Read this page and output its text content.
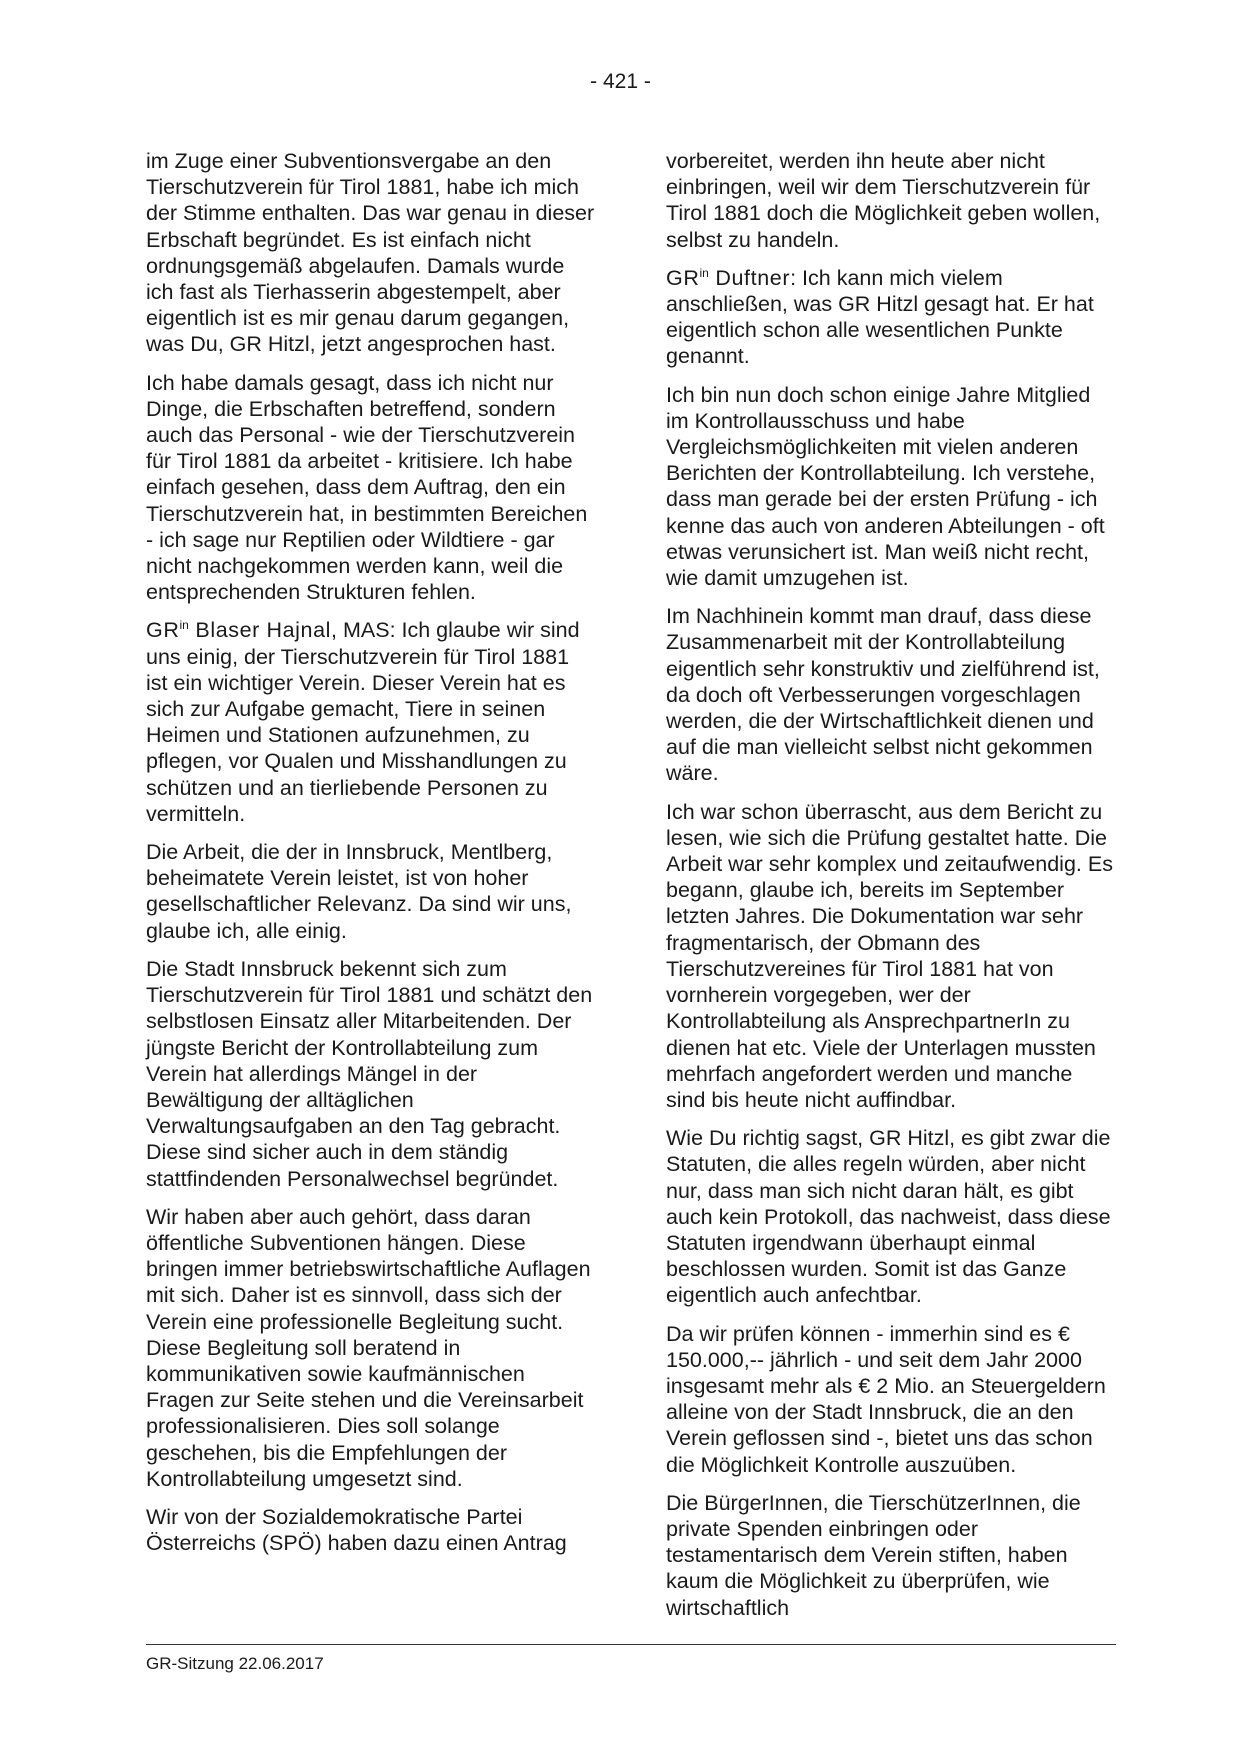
- 421 -

im Zuge einer Subventionsvergabe an den Tierschutzverein für Tirol 1881, habe ich mich der Stimme enthalten. Das war genau in dieser Erbschaft begründet. Es ist einfach nicht ordnungsgemäß abgelaufen. Damals wurde ich fast als Tierhasserin abgestempelt, aber eigentlich ist es mir genau darum gegangen, was Du, GR Hitzl, jetzt angesprochen hast.

Ich habe damals gesagt, dass ich nicht nur Dinge, die Erbschaften betreffend, sondern auch das Personal - wie der Tierschutzverein für Tirol 1881 da arbeitet - kritisiere. Ich habe einfach gesehen, dass dem Auftrag, den ein Tierschutzverein hat, in bestimmten Bereichen - ich sage nur Reptilien oder Wildtiere - gar nicht nachgekommen werden kann, weil die entsprechenden Strukturen fehlen.

$GR^{in}$ Blaser Hajnal, MAS: Ich glaube wir sind uns einig, der Tierschutzverein für Tirol 1881 ist ein wichtiger Verein. Dieser Verein hat es sich zur Aufgabe gemacht, Tiere in seinen Heimen und Stationen aufzunehmen, zu pflegen, vor Qualen und Misshandlungen zu schützen und an tierliebende Personen zu vermitteln.

Die Arbeit, die der in Innsbruck, Mentlberg, beheimatete Verein leistet, ist von hoher gesellschaftlicher Relevanz. Da sind wir uns, glaube ich, alle einig.

Die Stadt Innsbruck bekennt sich zum Tierschutzverein für Tirol 1881 und schätzt den selbstlosen Einsatz aller Mitarbeitenden. Der jüngste Bericht der Kontrollabteilung zum Verein hat allerdings Mängel in der Bewältigung der alltäglichen Verwaltungsaufgaben an den Tag gebracht. Diese sind sicher auch in dem ständig stattfindenden Personalwechsel begründet.

Wir haben aber auch gehört, dass daran öffentliche Subventionen hängen. Diese bringen immer betriebswirtschaftliche Auflagen mit sich. Daher ist es sinnvoll, dass sich der Verein eine professionelle Begleitung sucht. Diese Begleitung soll beratend in kommunikativen sowie kaufmännischen Fragen zur Seite stehen und die Vereinsarbeit professionalisieren. Dies soll solange geschehen, bis die Empfehlungen der Kontrollabteilung umgesetzt sind.

Wir von der Sozialdemokratische Partei Österreichs (SPÖ) haben dazu einen Antrag

vorbereitet, werden ihn heute aber nicht einbringen, weil wir dem Tierschutzverein für Tirol 1881 doch die Möglichkeit geben wollen, selbst zu handeln.

$GR^{in}$ Duftner: Ich kann mich vielem anschließen, was GR Hitzl gesagt hat. Er hat eigentlich schon alle wesentlichen Punkte genannt.

Ich bin nun doch schon einige Jahre Mitglied im Kontrollausschuss und habe Vergleichsmöglichkeiten mit vielen anderen Berichten der Kontrollabteilung. Ich verstehe, dass man gerade bei der ersten Prüfung - ich kenne das auch von anderen Abteilungen - oft etwas verunsichert ist. Man weiß nicht recht, wie damit umzugehen ist.

Im Nachhinein kommt man drauf, dass diese Zusammenarbeit mit der Kontrollabteilung eigentlich sehr konstruktiv und zielführend ist, da doch oft Verbesserungen vorgeschlagen werden, die der Wirtschaftlichkeit dienen und auf die man vielleicht selbst nicht gekommen wäre.

Ich war schon überrascht, aus dem Bericht zu lesen, wie sich die Prüfung gestaltet hatte. Die Arbeit war sehr komplex und zeitaufwendig. Es begann, glaube ich, bereits im September letzten Jahres. Die Dokumentation war sehr fragmentarisch, der Obmann des Tierschutzvereines für Tirol 1881 hat von vornherein vorgegeben, wer der Kontrollabteilung als AnsprechpartnerIn zu dienen hat etc. Viele der Unterlagen mussten mehrfach angefordert werden und manche sind bis heute nicht auffindbar.

Wie Du richtig sagst, GR Hitzl, es gibt zwar die Statuten, die alles regeln würden, aber nicht nur, dass man sich nicht daran hält, es gibt auch kein Protokoll, das nachweist, dass diese Statuten irgendwann überhaupt einmal beschlossen wurden. Somit ist das Ganze eigentlich auch anfechtbar.

Da wir prüfen können - immerhin sind es € 150.000,-- jährlich - und seit dem Jahr 2000 insgesamt mehr als € 2 Mio. an Steuergeldern alleine von der Stadt Innsbruck, die an den Verein geflossen sind -, bietet uns das schon die Möglichkeit Kontrolle auszuüben.

Die BürgerInnen, die TierschützerInnen, die private Spenden einbringen oder testamentarisch dem Verein stiften, haben kaum die Möglichkeit zu überprüfen, wie wirtschaftlich

GR-Sitzung 22.06.2017
